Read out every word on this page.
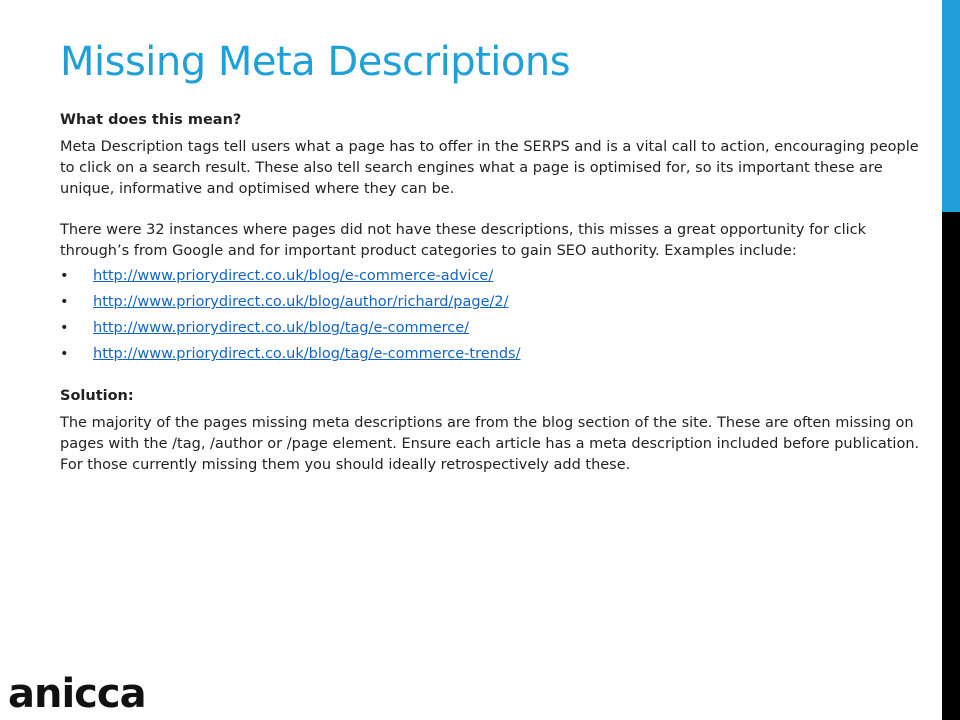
Missing Meta Descriptions

What does this mean?

Meta Description tags tell users what a page has to offer in the SERPS and is a vital call to action, encouraging people to click on a search result. These also tell search engines what a page is optimised for, so its important these are unique, informative and optimised where they can be.

There were 32 instances where pages did not have these descriptions, this misses a great opportunity for click through’s from Google and for important product categories to gain SEO authority. Examples include:

• http://www.priorydirect.co.uk/blog/e-commerce-advice/
• http://www.priorydirect.co.uk/blog/author/richard/page/2/
• http://www.priorydirect.co.uk/blog/tag/e-commerce/
• http://www.priorydirect.co.uk/blog/tag/e-commerce-trends/

Solution:

The majority of the pages missing meta descriptions are from the blog section of the site. These are often missing on pages with the /tag, /author or /page element. Ensure each article has a meta description included before publication. For those currently missing them you should ideally retrospectively add these.

anicca
